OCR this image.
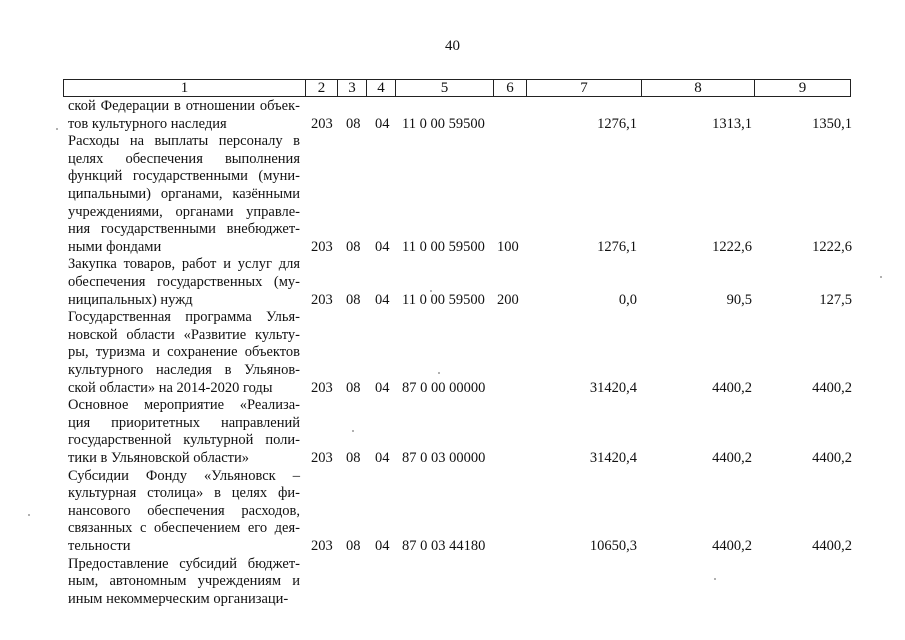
40
1	2	3	4	5	6	7	8	9
ской Федерации в отношении объек-
тов культурного наследия	203 08 04 11 0 00 59500	1276,1	1313,1	1350,1
Расходы на выплаты персоналу в
целях обеспечения выполнения
функций государственными (муни-
ципальными) органами, казёнными
учреждениями, органами управле-
ния государственными внебюджет-
ными фондами	203 08 04 11 0 00 59500 100	1276,1	1222,6	1222,6
Закупка товаров, работ и услуг для
обеспечения государственных (му-
ниципальных) нужд	203 08 04 11 0 00 59500 200	0,0	90,5	127,5
Государственная программа Улья-
новской области «Развитие культу-
ры, туризма и сохранение объектов
культурного наследия в Ульянов-
ской области» на 2014-2020 годы	203 08 04 87 0 00 00000	31420,4	4400,2	4400,2
Основное мероприятие «Реализа-
ция приоритетных направлений
государственной культурной поли-
тики в Ульяновской области»	203 08 04 87 0 03 00000	31420,4	4400,2	4400,2
Субсидии Фонду «Ульяновск –
культурная столица» в целях фи-
нансового обеспечения расходов,
связанных с обеспечением его дея-
тельности	203 08 04 87 0 03 44180	10650,3	4400,2	4400,2
Предоставление субсидий бюджет-
ным, автономным учреждениям и
иным некоммерческим организаци-
